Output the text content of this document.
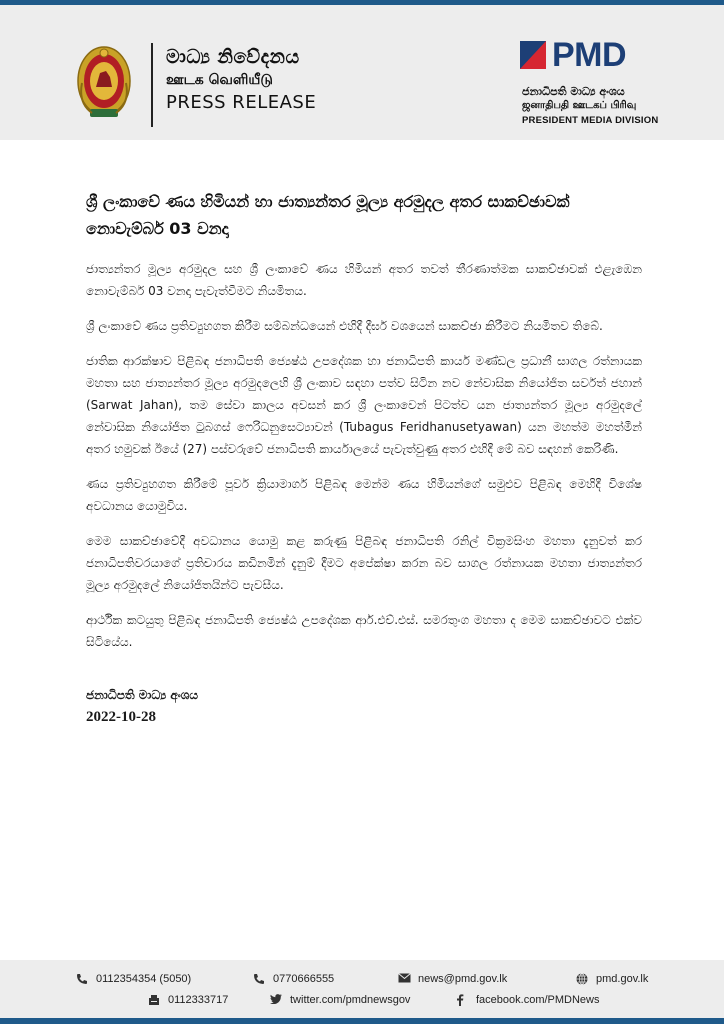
මාධ්‍ය නිවේදනය
ஊடக வெளியீடு
PRESS RELEASE
PMD
ජනාධිපති මාධ්‍ය අංශය
ஜனாதிபதி ஊடகப் பிரிவு
PRESIDENT MEDIA DIVISION
ශ්‍රී ලංකාවේ ණය හිමියන් හා ජාත්‍යන්තර මූල්‍ය අරමුදල අතර සාකච්ඡාවක් නොවැම්බර් 03 වනදා

ජාත්‍යන්තර මූල්‍ය අරමුදල සහ ශ්‍රී ලංකාවේ ණය හිමියන් අතර තවත් තීරණාත්මක සාකච්ඡාවක් එළැඹෙන නොවැම්බර් 03 වනදා පැවැත්වීමට නියමිතය.

ශ්‍රී ලංකාවේ ණය ප්‍රතිව්‍යුහගත කිරීම සම්බන්ධයෙන් එහිදී දීර්ඝ වශයෙන් සාකච්ඡා කිරීමට නියමිතව තිබේ.

ජාතික ආරක්ෂාව පිළිබඳ ජනාධිපති ජ්‍යෙෂ්ඨ උපදේශක හා ජනාධිපති කාර්ය මණ්ඩල ප්‍රධානී සාගල රත්නායක මහතා සහ ජාත්‍යන්තර මූල්‍ය අරමුදලෙහි ශ්‍රී ලංකාව සඳහා පත්ව සිටින නව නේවාසික නියෝජිත සර්වත් ජහාන් (Sarwat Jahan), තම සේවා කාලය අවසන් කර ශ්‍රී ලංකාවෙන් පිටත්ව යන ජාත්‍යන්තර මූල්‍ය අරමුදලේ නේවාසික නියෝජිත ටුබගස් ෆෙරිධනුසෙට්‍යාවන් (Tubagus Feridhanusetyawan) යන මහත්ම මහත්මීන් අතර හමුවක් ඊයේ (27) පස්වරුවේ ජනාධිපති කාර්යාලයේ පැවැත්වුණු අතර එහිදී මේ බව සඳහන් කෙරිණි.

ණය ප්‍රතිව්‍යුහගත කිරීමේ පූර්ව ක්‍රියාමාර්ග පිළිබඳ මෙන්ම ණය හිමියන්ගේ සමුළුව පිළිබඳ මෙහිදී විශේෂ අවධානය යොමුවිය.

මෙම සාකච්ඡාවේදී අවධානය යොමු කළ කරුණු පිළිබඳ ජනාධිපති රනිල් වික්‍රමසිංහ මහතා දැනුවත් කර ජනාධිපතිවරයාගේ ප්‍රතිචාරය කඩිනමින් දැනුම් දීමට අපේක්ෂා කරන බව සාගල රත්නායක මහතා ජාත්‍යන්තර මූල්‍ය අරමුදලේ නියෝජිතයින්ට පැවසීය.

ආර්ථික කටයුතු පිළිබඳ ජනාධිපති ජ්‍යෙෂ්ඨ උපදේශක ආර්.එච්.එස්. සමරතුංග මහතා ද මෙම සාකච්ඡාවට එක්ව සිටියේය.

ජනාධිපති මාධ්‍ය අංශය
2022-10-28
0112354354 (5050)	0770666555	news@pmd.gov.lk	pmd.gov.lk
0112333717	twitter.com/pmdnewsgov	facebook.com/PMDNews
